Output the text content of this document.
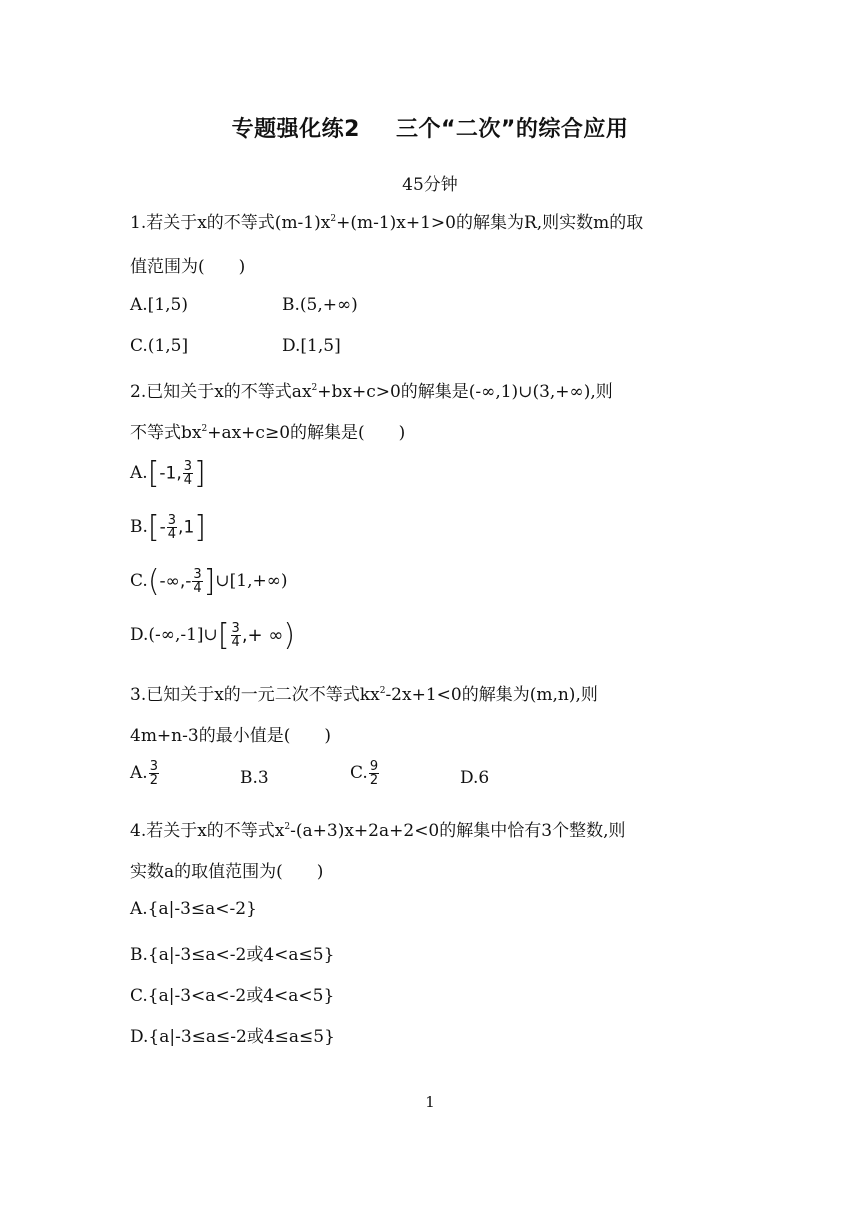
专题强化练2 三个“二次”的综合应用
45分钟
1.若关于x的不等式$(m-1)x^2+(m-1)x+1>0$的解集为R,则实数m的取
值范围为(　　)
A.[1,5)	B.(5,+∞)
C.(1,5]	D.[1,5]
2.已知关于x的不等式$ax^2+bx+c>0$的解集是(-∞,1)∪(3,+∞),则
不等式$bx^2+ax+c\ge 0$的解集是(　　)
A.[-1, $\frac{3}{4}$ ]
$B.[- \frac{3}{4} ,1]$
$C.(-\infty,- \frac{3}{4}$ ]∪[1,+∞)
D.(-∞,-1]∪[ $\frac{3}{4}$ ,+ ∞)
3.已知关于x的一元二次不等式$kx^2-2x+1<0$的解集为(m,n),则
4m+n-3的最小值是(　　)
A. $\frac{3}{2}$	B.3	C. $\frac{9}{2}$	D.6
4.若关于x的不等式$x^2-(a+3)x+2a+2<0$的解集中恰有3个整数,则
实数a的取值范围为(　　)
A.{a|-3≤a<-2}
B.{a|-3≤a<-2或4<a≤5}
C.{a|-3<a<-2或4<a<5}
D.{a|-3≤a≤-2或4≤a≤5}
1
